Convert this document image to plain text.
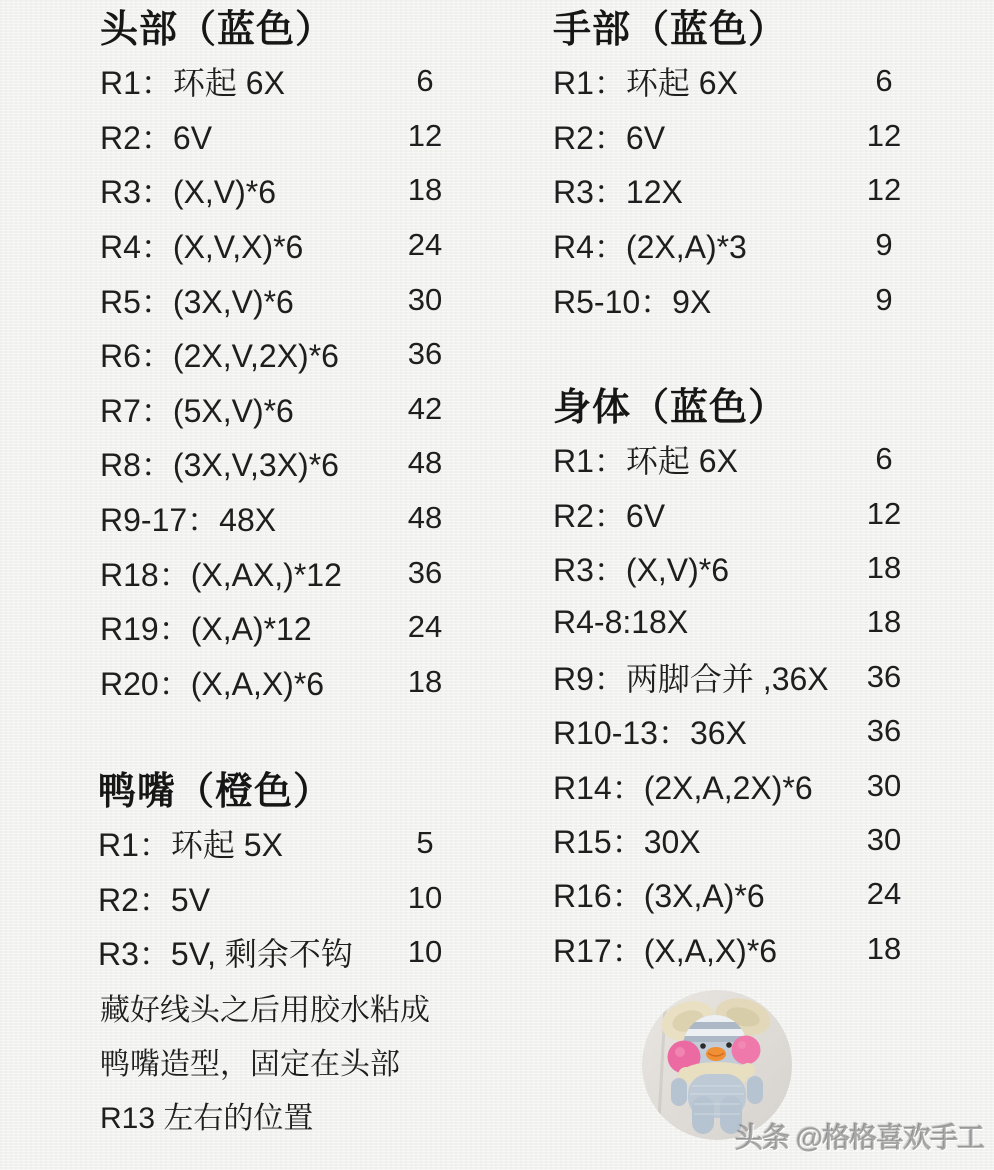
头部（蓝色）
R1：环起 6X	6
R2：6V	12
R3：(X,V)*6	18
R4：(X,V,X)*6	24
R5：(3X,V)*6	30
R6：(2X,V,2X)*6	36
R7：(5X,V)*6	42
R8：(3X,V,3X)*6	48
R9-17：48X	48
R18：(X,AX,)*12	36
R19：(X,A)*12	24
R20：(X,A,X)*6	18
鸭嘴（橙色）
R1：环起 5X	5
R2：5V	10
R3：5V, 剩余不钩	10
藏好线头之后用胶水粘成
鸭嘴造型，固定在头部
R13 左右的位置
手部（蓝色）
R1：环起 6X	6
R2：6V	12
R3：12X	12
R4：(2X,A)*3	9
R5-10：9X	9
身体（蓝色）
R1：环起 6X	6
R2：6V	12
R3：(X,V)*6	18
R4-8:18X	18
R9：两脚合并 ,36X	36
R10-13：36X	36
R14：(2X,A,2X)*6	30
R15：30X	30
R16：(3X,A)*6	24
R17：(X,A,X)*6	18
头条 @格格喜欢手工
